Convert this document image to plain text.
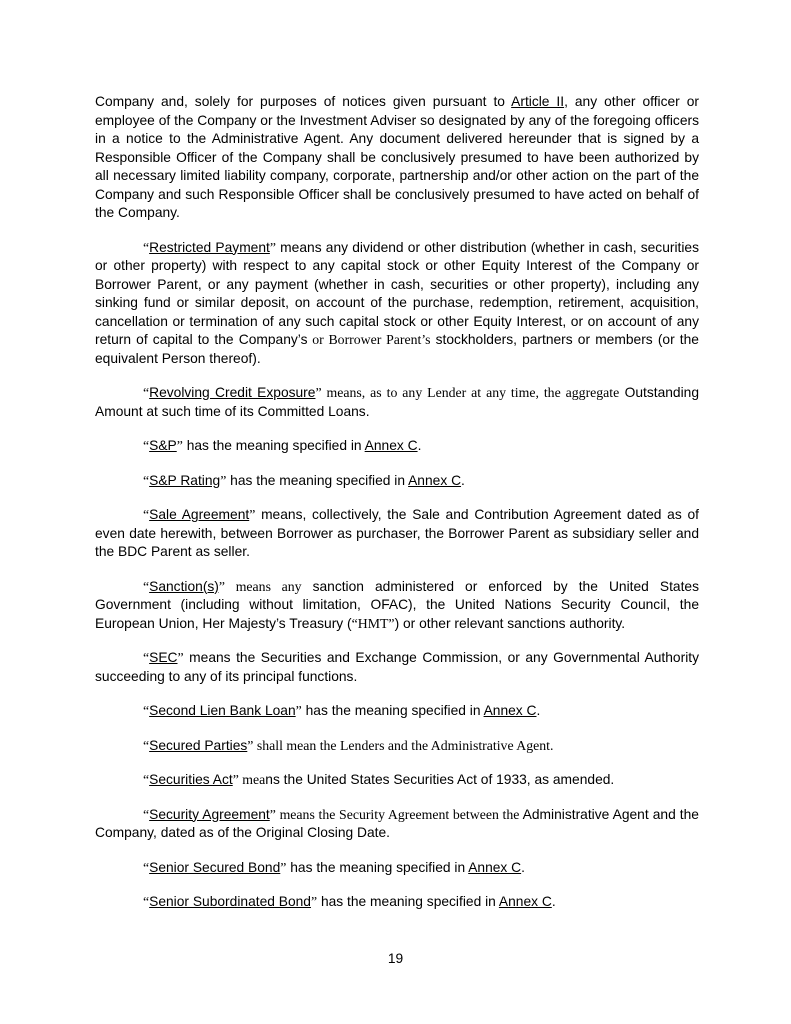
Company and, solely for purposes of notices given pursuant to Article II, any other officer or employee of the Company or the Investment Adviser so designated by any of the foregoing officers in a notice to the Administrative Agent. Any document delivered hereunder that is signed by a Responsible Officer of the Company shall be conclusively presumed to have been authorized by all necessary limited liability company, corporate, partnership and/or other action on the part of the Company and such Responsible Officer shall be conclusively presumed to have acted on behalf of the Company.

“Restricted Payment” means any dividend or other distribution (whether in cash, securities or other property) with respect to any capital stock or other Equity Interest of the Company or Borrower Parent, or any payment (whether in cash, securities or other property), including any sinking fund or similar deposit, on account of the purchase, redemption, retirement, acquisition, cancellation or termination of any such capital stock or other Equity Interest, or on account of any return of capital to the Company’s or Borrower Parent’s stockholders, partners or members (or the equivalent Person thereof).

“Revolving Credit Exposure” means, as to any Lender at any time, the aggregate Outstanding Amount at such time of its Committed Loans.

“S&P” has the meaning specified in Annex C.

“S&P Rating” has the meaning specified in Annex C.

“Sale Agreement” means, collectively, the Sale and Contribution Agreement dated as of even date herewith, between Borrower as purchaser, the Borrower Parent as subsidiary seller and the BDC Parent as seller.

“Sanction(s)” means any sanction administered or enforced by the United States Government (including without limitation, OFAC), the United Nations Security Council, the European Union, Her Majesty’s Treasury (“HMT”) or other relevant sanctions authority.

“SEC” means the Securities and Exchange Commission, or any Governmental Authority succeeding to any of its principal functions.

“Second Lien Bank Loan” has the meaning specified in Annex C.

“Secured Parties” shall mean the Lenders and the Administrative Agent.

“Securities Act” means the United States Securities Act of 1933, as amended.

“Security Agreement” means the Security Agreement between the Administrative Agent and the Company, dated as of the Original Closing Date.

“Senior Secured Bond” has the meaning specified in Annex C.

“Senior Subordinated Bond” has the meaning specified in Annex C.

19
